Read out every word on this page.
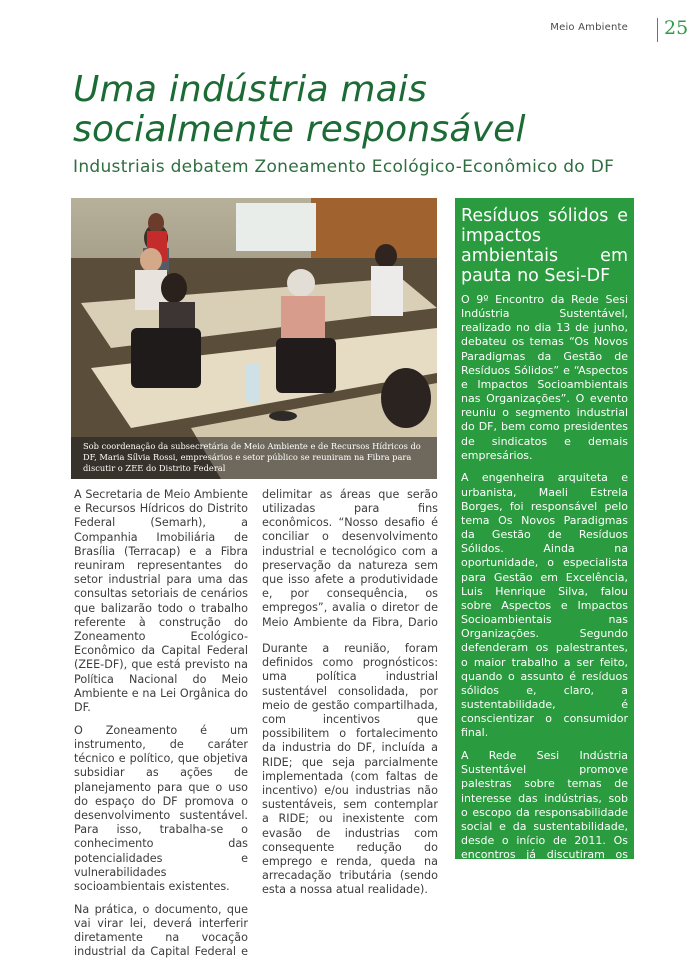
Meio Ambiente 25
Uma indústria mais
socialmente responsável
Industriais debatem Zoneamento Ecológico-Econômico do DF
Sob coordenação da subsecretária de Meio Ambiente e de Recursos Hídricos do DF, Maria Sílvia Rossi, empresários e setor público se reuniram na Fibra para discutir o ZEE do Distrito Federal

A Secretaria de Meio Ambiente e Recursos Hídricos do Distrito Federal (Semarh), a Companhia Imobiliária de Brasília (Terracap) e a Fibra reuniram representantes do setor industrial para uma das consultas setoriais de cenários que balizarão todo o trabalho referente à construção do Zoneamento Ecológico-Econômico da Capital Federal (ZEE-DF), que está previsto na Política Nacional do Meio Ambiente e na Lei Orgânica do DF.

O Zoneamento é um instrumento, de caráter técnico e político, que objetiva subsidiar as ações de planejamento para que o uso do espaço do DF promova o desenvolvimento sustentável. Para isso, trabalha-se o conhecimento das potencialidades e vulnerabilidades socioambientais existentes.

Na prática, o documento, que vai virar lei, deverá interferir diretamente na vocação industrial da Capital Federal e

delimitar as áreas que serão utilizadas para fins econômicos. “Nosso desafio é conciliar o desenvolvimento industrial e tecnológico com a preservação da natureza sem que isso afete a produtividade e, por consequência, os empregos”, avalia o diretor de Meio Ambiente da Fibra, Dario

Durante a reunião, foram definidos como prognósticos: uma política industrial sustentável consolidada, por meio de gestão compartilhada, com incentivos que possibilitem o fortalecimento da industria do DF, incluída a RIDE; que seja parcialmente implementada (com faltas de incentivo) e/ou industrias não sustentáveis, sem contemplar a RIDE; ou inexistente com evasão de industrias com consequente redução do emprego e renda, queda na arrecadação tributária (sendo esta a nossa atual realidade).

Resíduos sólidos e impactos ambientais em pauta no Sesi-DF

O 9º Encontro da Rede Sesi Indústria Sustentável, realizado no dia 13 de junho, debateu os temas “Os Novos Paradigmas da Gestão de Resíduos Sólidos” e “Aspectos e Impactos Socioambientais nas Organizações”. O evento reuniu o segmento industrial do DF, bem como presidentes de sindicatos e demais empresários.

A engenheira arquiteta e urbanista, Maeli Estrela Borges, foi responsável pelo tema Os Novos Paradigmas da Gestão de Resíduos Sólidos. Ainda na oportunidade, o especialista para Gestão em Excelência, Luis Henrique Silva, falou sobre Aspectos e Impactos Socioambientais nas Organizações. Segundo defenderam os palestrantes, o maior trabalho a ser feito, quando o assunto é resíduos sólidos e, claro, a sustentabilidade, é conscientizar o consumidor final.

A Rede Sesi Indústria Sustentável promove palestras sobre temas de interesse das indústrias, sob o escopo da responsabilidade social e da sustentabilidade, desde o início de 2011. Os encontros já discutiram os temas: Inclusão da Pessoa com Deficiência, ISO 26000, Inovação na Indústria, Sustentabilidade na Prática, Líderes Sustentáveis, Investimento Social Privado, entre outros.
